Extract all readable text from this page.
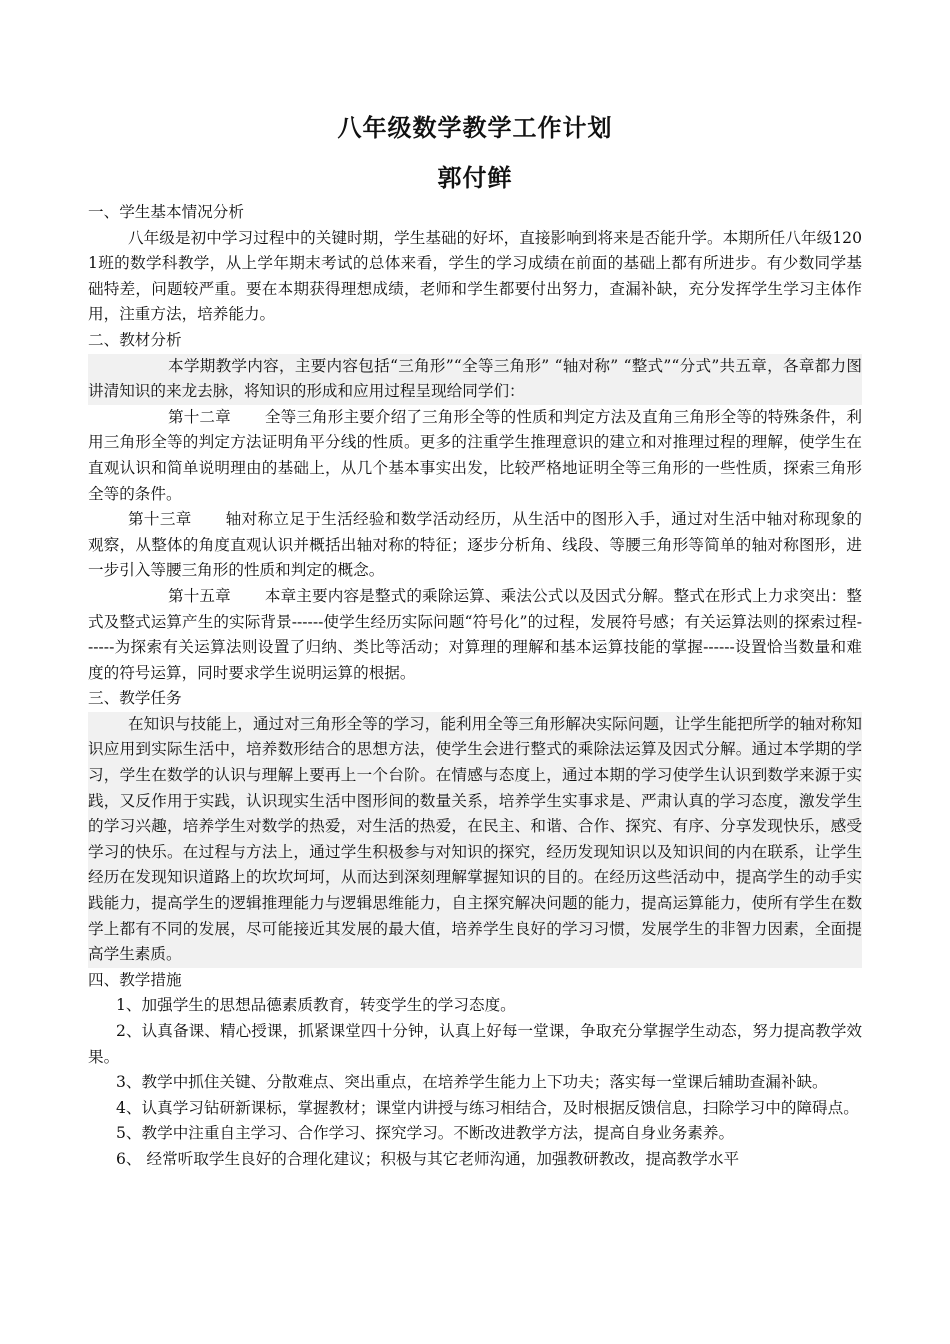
八年级数学教学工作计划
郭付鲜

一、学生基本情况分析

八年级是初中学习过程中的关键时期，学生基础的好坏，直接影响到将来是否能升学。本期所任八年级1201班的数学科教学，从上学年期末考试的总体来看，学生的学习成绩在前面的基础上都有所进步。有少数同学基础特差，问题较严重。要在本期获得理想成绩，老师和学生都要付出努力，查漏补缺，充分发挥学生学习主体作用，注重方法，培养能力。

二、教材分析

本学期教学内容，主要内容包括“三角形”“全等三角形” “轴对称” “整式”“分式”共五章，各章都力图讲清知识的来龙去脉，将知识的形成和应用过程呈现给同学们：

第十二章 全等三角形主要介绍了三角形全等的性质和判定方法及直角三角形全等的特殊条件，利用三角形全等的判定方法证明角平分线的性质。更多的注重学生推理意识的建立和对推理过程的理解，使学生在直观认识和简单说明理由的基础上，从几个基本事实出发，比较严格地证明全等三角形的一些性质，探索三角形全等的条件。

第十三章 轴对称立足于生活经验和数学活动经历，从生活中的图形入手，通过对生活中轴对称现象的观察，从整体的角度直观认识并概括出轴对称的特征；逐步分析角、线段、等腰三角形等简单的轴对称图形，进一步引入等腰三角形的性质和判定的概念。

第十五章 本章主要内容是整式的乘除运算、乘法公式以及因式分解。整式在形式上力求突出：整式及整式运算产生的实际背景------使学生经历实际问题“符号化”的过程，发展符号感；有关运算法则的探索过程------为探索有关运算法则设置了归纳、类比等活动；对算理的理解和基本运算技能的掌握------设置恰当数量和难度的符号运算，同时要求学生说明运算的根据。

三、教学任务

在知识与技能上，通过对三角形全等的学习，能利用全等三角形解决实际问题，让学生能把所学的轴对称知识应用到实际生活中，培养数形结合的思想方法，使学生会进行整式的乘除法运算及因式分解。通过本学期的学习，学生在数学的认识与理解上要再上一个台阶。在情感与态度上，通过本期的学习使学生认识到数学来源于实践，又反作用于实践，认识现实生活中图形间的数量关系，培养学生实事求是、严肃认真的学习态度，激发学生的学习兴趣，培养学生对数学的热爱，对生活的热爱，在民主、和谐、合作、探究、有序、分享发现快乐，感受学习的快乐。在过程与方法上，通过学生积极参与对知识的探究，经历发现知识以及知识间的内在联系，让学生经历在发现知识道路上的坎坎坷坷，从而达到深刻理解掌握知识的目的。在经历这些活动中，提高学生的动手实践能力，提高学生的逻辑推理能力与逻辑思维能力，自主探究解决问题的能力，提高运算能力，使所有学生在数学上都有不同的发展，尽可能接近其发展的最大值，培养学生良好的学习习惯，发展学生的非智力因素，全面提高学生素质。

四、教学措施

1、加强学生的思想品德素质教育，转变学生的学习态度。

2、认真备课、精心授课，抓紧课堂四十分钟，认真上好每一堂课，争取充分掌握学生动态，努力提高教学效果。

3、教学中抓住关键、分散难点、突出重点，在培养学生能力上下功夫；落实每一堂课后辅助查漏补缺。

4、认真学习钻研新课标，掌握教材；课堂内讲授与练习相结合，及时根据反馈信息，扫除学习中的障碍点。

5、教学中注重自主学习、合作学习、探究学习。不断改进教学方法，提高自身业务素养。

6、 经常听取学生良好的合理化建议；积极与其它老师沟通，加强教研教改，提高教学水平
